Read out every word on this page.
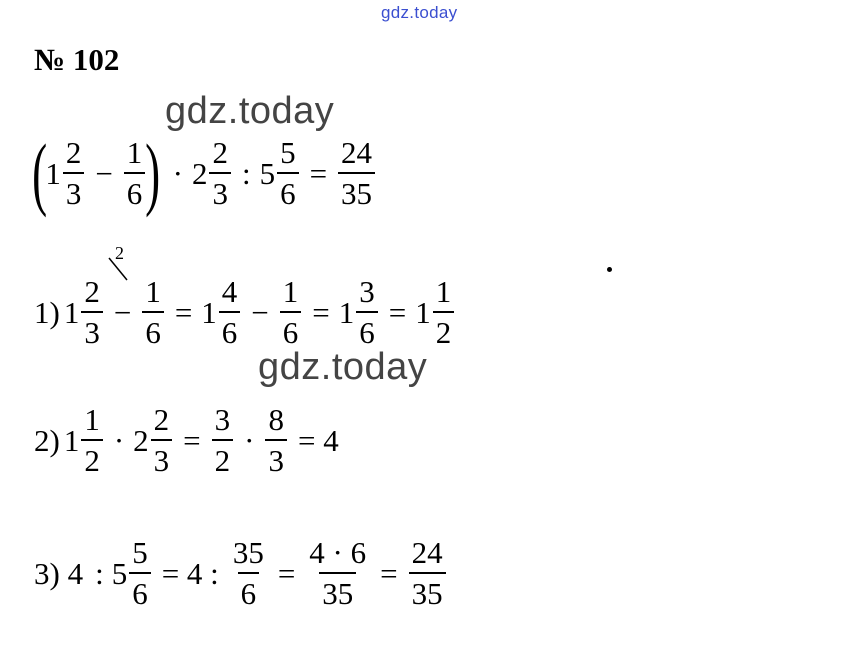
gdz.today
№ 102
gdz.today
gdz.today
(
$1 \frac{2}{3} - \frac{1}{6}$ ) · $2 \frac{2}{3}$ : $5 \frac{5}{6} = \frac{24}{35}$
2
1) $1 \frac{2}{3} - \frac{1}{6} = 1 \frac{4}{6} - \frac{1}{6} = 1 \frac{3}{6} = 1 \frac{1}{2}$
2) $1 \frac{1}{2} \cdot 2 \frac{2}{3} = \frac{3}{2} \cdot \frac{8}{3} = 4$
3) 4 : $5 \frac{5}{6} = 4$ : $\frac{35}{6} = \frac{4 \cdot 6}{35} = \frac{24}{35}$
